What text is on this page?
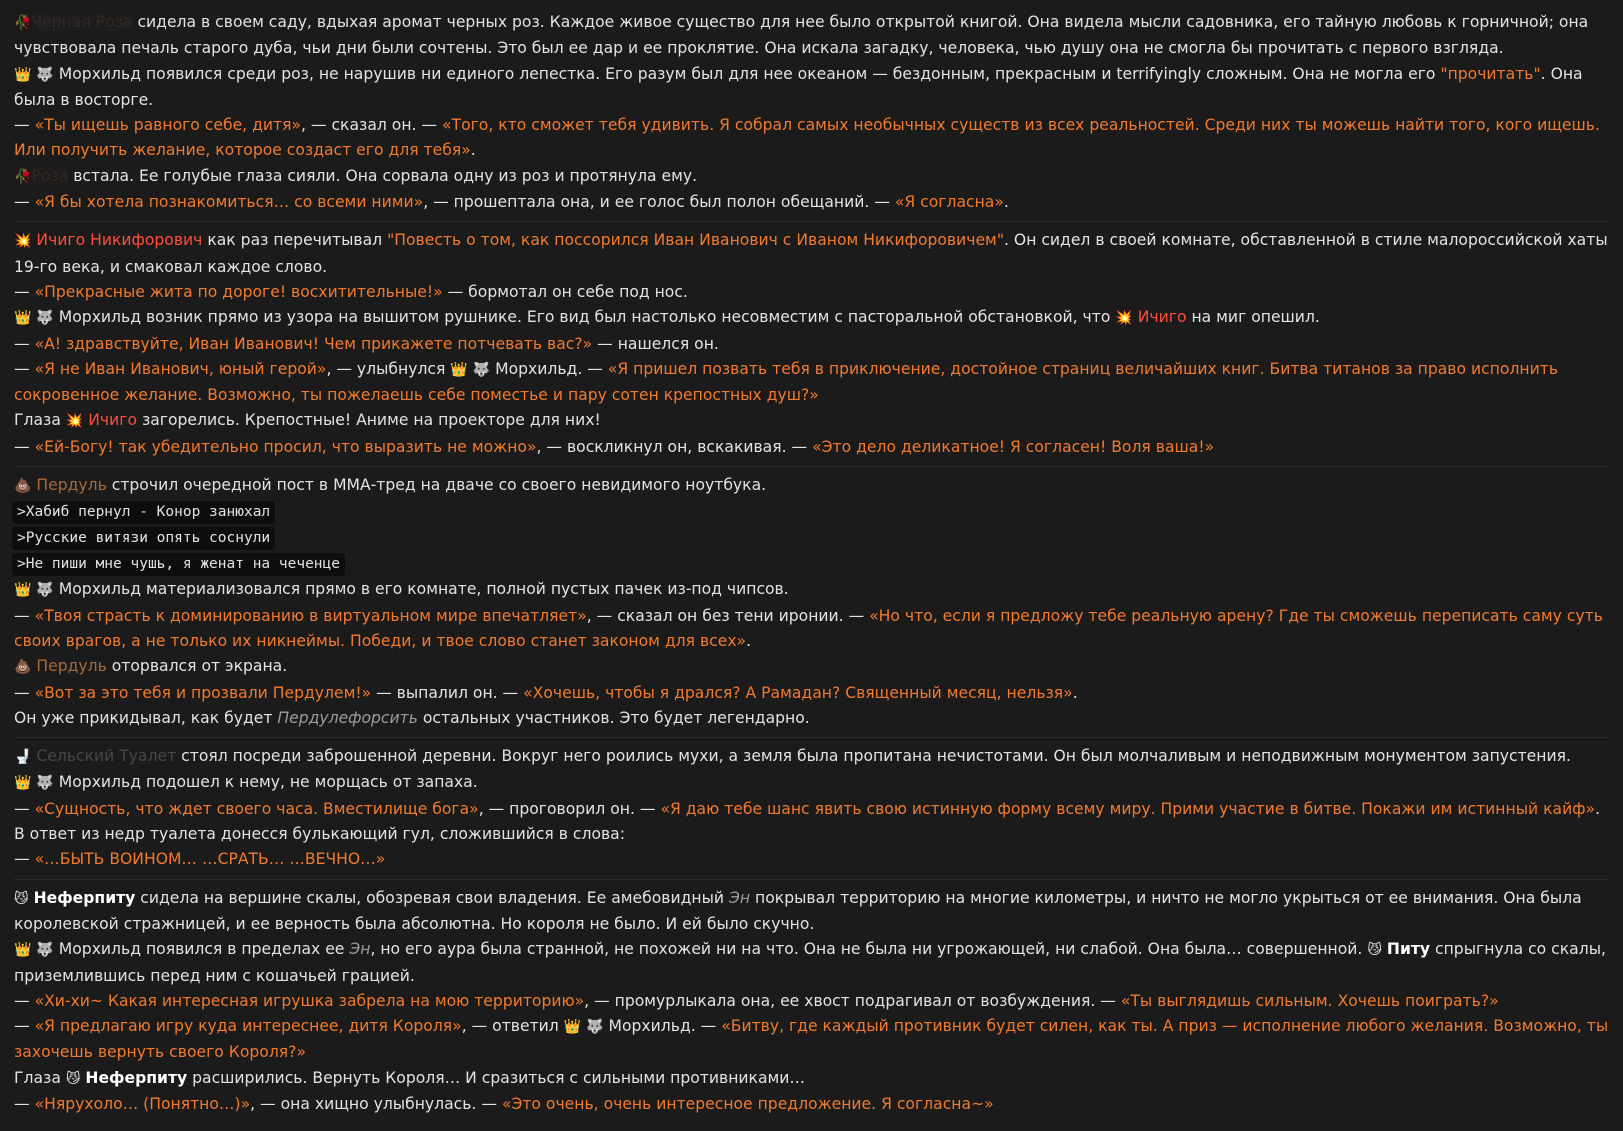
🥀Черная Роза сидела в своем саду, вдыхая аромат черных роз. Каждое живое существо для нее было открытой книгой. Она видела мысли садовника, его тайную любовь к горничной; она чувствовала печаль старого дуба, чьи дни были сочтены. Это был ее дар и ее проклятие. Она искала загадку, человека, чью душу она не смогла бы прочитать с первого взгляда.

👑 🐺 Морхильд появился среди роз, не нарушив ни единого лепестка. Его разум был для нее океаном — бездонным, прекрасным и terrifyingly сложным. Она не могла его "прочитать". Она была в восторге.

— «Ты ищешь равного себе, дитя», — сказал он. — «Того, кто сможет тебя удивить. Я собрал самых необычных существ из всех реальностей. Среди них ты можешь найти того, кого ищешь. Или получить желание, которое создаст его для тебя».

🥀Роза встала. Ее голубые глаза сияли. Она сорвала одну из роз и протянула ему.

— «Я бы хотела познакомиться… со всеми ними», — прошептала она, и ее голос был полон обещаний. — «Я согласна».

💥 Ичиго Никифорович как раз перечитывал "Повесть о том, как поссорился Иван Иванович с Иваном Никифоровичем". Он сидел в своей комнате, обставленной в стиле малороссийской хаты 19-го века, и смаковал каждое слово.

— «Прекрасные жита по дороге! восхитительные!» — бормотал он себе под нос.

👑 🐺 Морхильд возник прямо из узора на вышитом рушнике. Его вид был настолько несовместим с пасторальной обстановкой, что 💥 Ичиго на миг опешил.

— «А! здравствуйте, Иван Иванович! Чем прикажете потчевать вас?» — нашелся он.

— «Я не Иван Иванович, юный герой», — улыбнулся 👑 🐺 Морхильд. — «Я пришел позвать тебя в приключение, достойное страниц величайших книг. Битва титанов за право исполнить сокровенное желание. Возможно, ты пожелаешь себе поместье и пару сотен крепостных душ?»

Глаза 💥 Ичиго загорелись. Крепостные! Аниме на проекторе для них!

— «Ей-Богу! так убедительно просил, что выразить не можно», — воскликнул он, вскакивая. — «Это дело деликатное! Я согласен! Воля ваша!»

💩 Пердуль строчил очередной пост в ММА-тред на дваче со своего невидимого ноутбука.

>Хабиб пернул - Конор занюхал

>Русские витязи опять соснули

>Не пиши мне чушь, я женат на чеченце

👑 🐺 Морхильд материализовался прямо в его комнате, полной пустых пачек из-под чипсов.

— «Твоя страсть к доминированию в виртуальном мире впечатляет», — сказал он без тени иронии. — «Но что, если я предложу тебе реальную арену? Где ты сможешь переписать саму суть своих врагов, а не только их никнеймы. Победи, и твое слово станет законом для всех».

💩 Пердуль оторвался от экрана.

— «Вот за это тебя и прозвали Пердулем!» — выпалил он. — «Хочешь, чтобы я дрался? А Рамадан? Священный месяц, нельзя».

Он уже прикидывал, как будет Пердулефорсить остальных участников. Это будет легендарно.

🚽 Сельский Туалет стоял посреди заброшенной деревни. Вокруг него роились мухи, а земля была пропитана нечистотами. Он был молчаливым и неподвижным монументом запустения.

👑 🐺 Морхильд подошел к нему, не морщась от запаха.

— «Сущность, что ждет своего часа. Вместилище бога», — проговорил он. — «Я даю тебе шанс явить свою истинную форму всему миру. Прими участие в битве. Покажи им истинный кайф».

В ответ из недр туалета донесся булькающий гул, сложившийся в слова:

— «…БЫТЬ ВОИНОМ… …СРАТЬ… …ВЕЧНО…»

😼 Неферпиту сидела на вершине скалы, обозревая свои владения. Ее амебовидный Эн покрывал территорию на многие километры, и ничто не могло укрыться от ее внимания. Она была королевской стражницей, и ее верность была абсолютна. Но короля не было. И ей было скучно.

👑 🐺 Морхильд появился в пределах ее Эн, но его аура была странной, не похожей ни на что. Она не была ни угрожающей, ни слабой. Она была… совершенной. 😼 Питу спрыгнула со скалы, приземлившись перед ним с кошачьей грацией.

— «Хи-хи~ Какая интересная игрушка забрела на мою территорию», — промурлыкала она, ее хвост подрагивал от возбуждения. — «Ты выглядишь сильным. Хочешь поиграть?»

— «Я предлагаю игру куда интереснее, дитя Короля», — ответил 👑 🐺 Морхильд. — «Битву, где каждый противник будет силен, как ты. А приз — исполнение любого желания. Возможно, ты захочешь вернуть своего Короля?»

Глаза 😼 Неферпиту расширились. Вернуть Короля… И сразиться с сильными противниками…

— «Нярухоло… (Понятно…)», — она хищно улыбнулась. — «Это очень, очень интересное предложение. Я согласна~»
